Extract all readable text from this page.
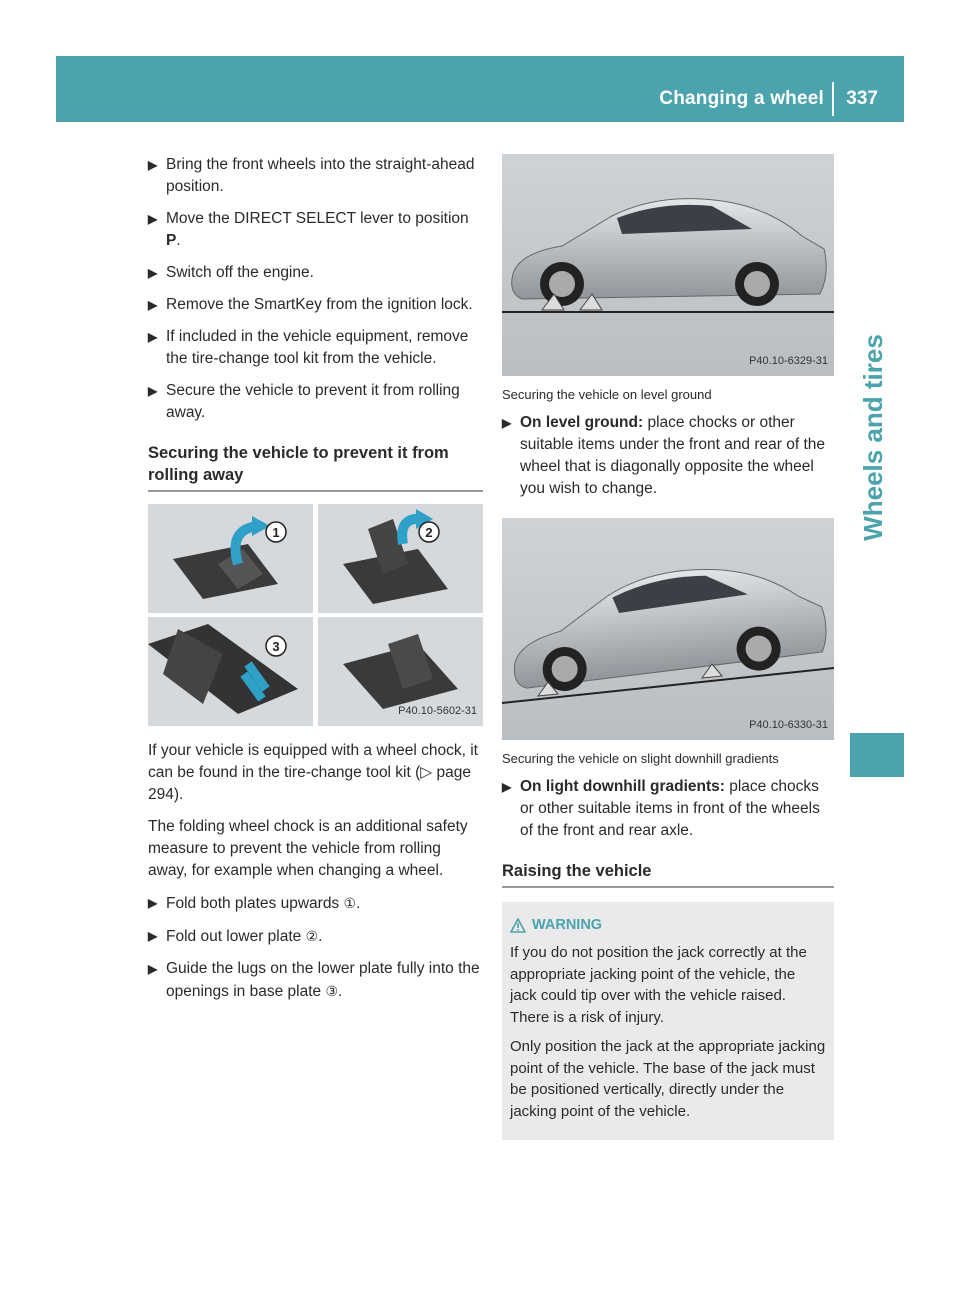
Changing a wheel 337
Wheels and tires
▶ Bring the front wheels into the straight-ahead position.
▶ Move the DIRECT SELECT lever to position P.
▶ Switch off the engine.
▶ Remove the SmartKey from the ignition lock.
▶ If included in the vehicle equipment, remove the tire-change tool kit from the vehicle.
▶ Secure the vehicle to prevent it from rolling away.
Securing the vehicle to prevent it from rolling away
1	2
3
P40.10-5602-31

If your vehicle is equipped with a wheel chock, it can be found in the tire-change tool kit (▷ page 294).

The folding wheel chock is an additional safety measure to prevent the vehicle from rolling away, for example when changing a wheel.

▶ Fold both plates upwards ①.
▶ Fold out lower plate ②.
▶ Guide the lugs on the lower plate fully into the openings in base plate ③.
P40.10-6329-31
Securing the vehicle on level ground
▶ On level ground: place chocks or other suitable items under the front and rear of the wheel that is diagonally opposite the wheel you wish to change.
P40.10-6330-31
Securing the vehicle on slight downhill gradients
▶ On light downhill gradients: place chocks or other suitable items in front of the wheels of the front and rear axle.
Raising the vehicle
WARNING

If you do not position the jack correctly at the appropriate jacking point of the vehicle, the jack could tip over with the vehicle raised. There is a risk of injury.

Only position the jack at the appropriate jacking point of the vehicle. The base of the jack must be positioned vertically, directly under the jacking point of the vehicle.
